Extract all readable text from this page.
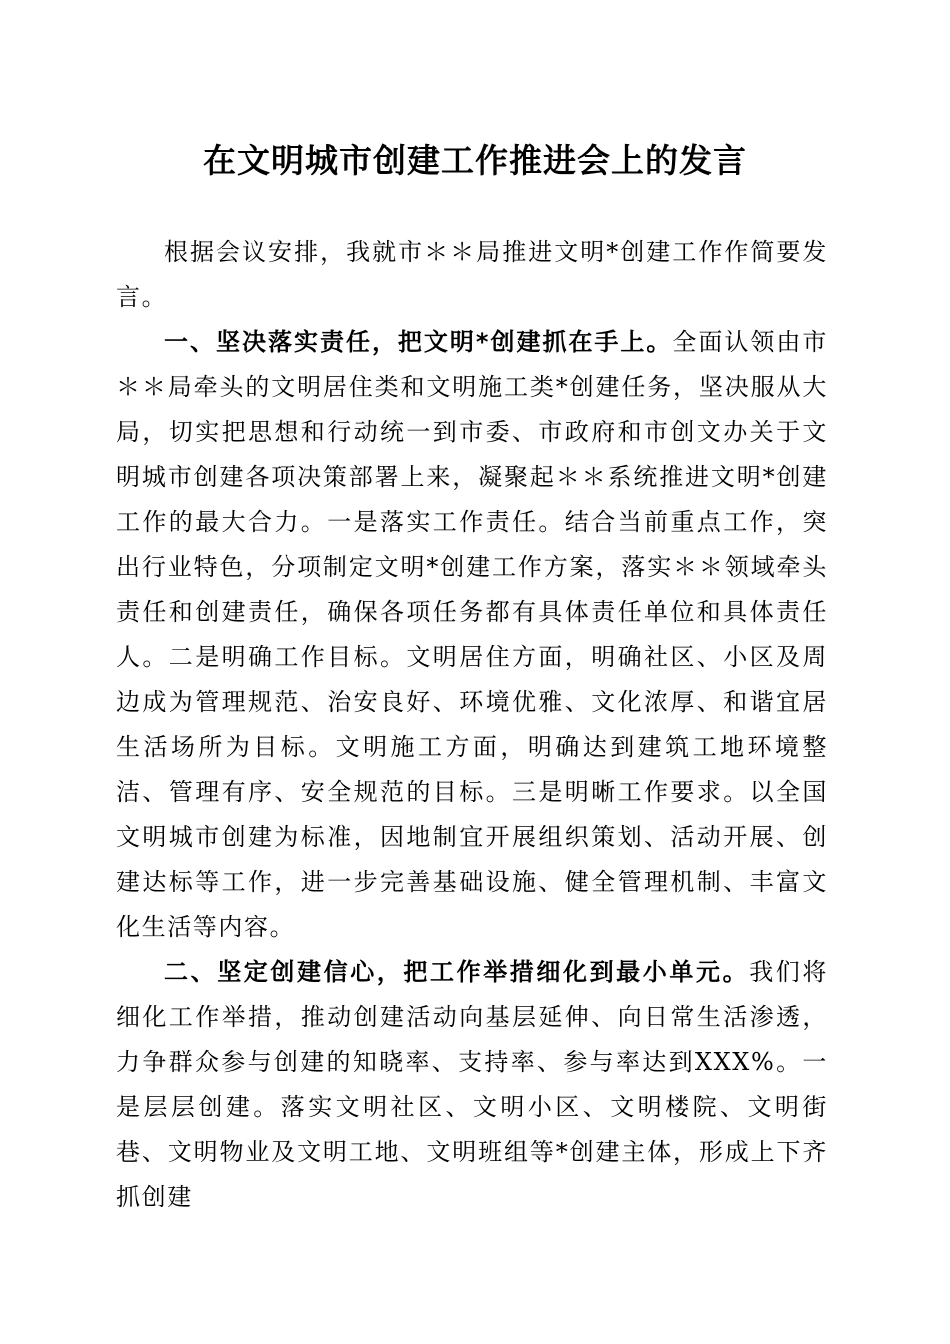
在文明城市创建工作推进会上的发言

根据会议安排，我就市＊＊局推进文明*创建工作作简要发言。

一、坚决落实责任，把文明*创建抓在手上。全面认领由市＊＊局牵头的文明居住类和文明施工类*创建任务，坚决服从大局，切实把思想和行动统一到市委、市政府和市创文办关于文明城市创建各项决策部署上来，凝聚起＊＊系统推进文明*创建工作的最大合力。一是落实工作责任。结合当前重点工作，突出行业特色，分项制定文明*创建工作方案，落实＊＊领域牵头责任和创建责任，确保各项任务都有具体责任单位和具体责任人。二是明确工作目标。文明居住方面，明确社区、小区及周边成为管理规范、治安良好、环境优雅、文化浓厚、和谐宜居生活场所为目标。文明施工方面，明确达到建筑工地环境整洁、管理有序、安全规范的目标。三是明晰工作要求。以全国文明城市创建为标准，因地制宜开展组织策划、活动开展、创建达标等工作，进一步完善基础设施、健全管理机制、丰富文化生活等内容。

二、坚定创建信心，把工作举措细化到最小单元。我们将细化工作举措，推动创建活动向基层延伸、向日常生活渗透，力争群众参与创建的知晓率、支持率、参与率达到XXX%。一是层层创建。落实文明社区、文明小区、文明楼院、文明街巷、文明物业及文明工地、文明班组等*创建主体，形成上下齐抓创建
